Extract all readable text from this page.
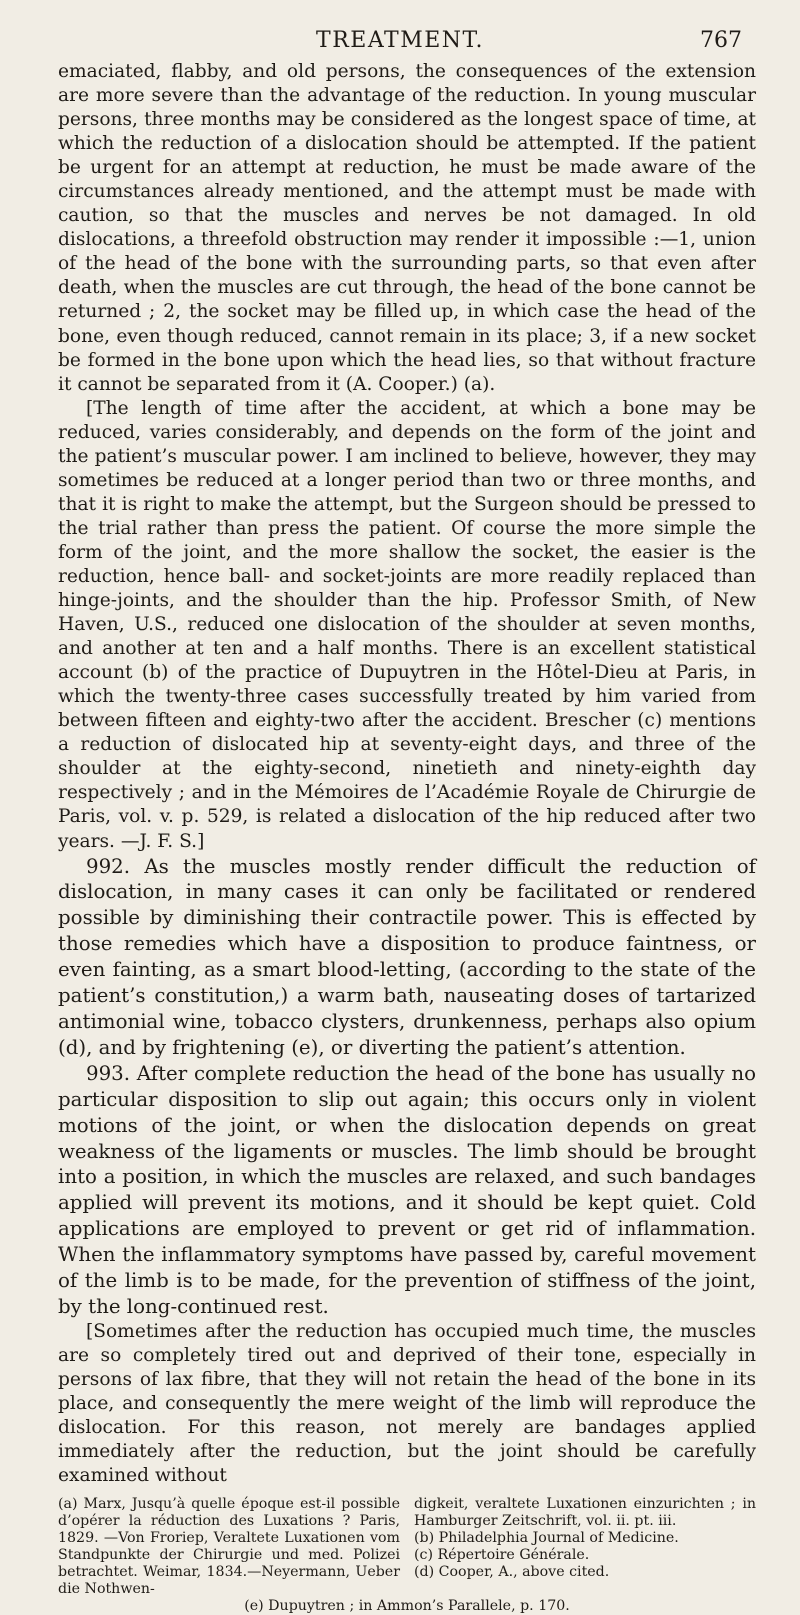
TREATMENT.	767

emaciated, flabby, and old persons, the consequences of the extension are more severe than the advantage of the reduction. In young muscular persons, three months may be considered as the longest space of time, at which the reduction of a dislocation should be attempted. If the patient be urgent for an attempt at reduction, he must be made aware of the circumstances already mentioned, and the attempt must be made with caution, so that the muscles and nerves be not damaged. In old dislocations, a threefold obstruction may render it impossible :—1, union of the head of the bone with the surrounding parts, so that even after death, when the muscles are cut through, the head of the bone cannot be returned ; 2, the socket may be filled up, in which case the head of the bone, even though reduced, cannot remain in its place; 3, if a new socket be formed in the bone upon which the head lies, so that without fracture it cannot be separated from it (A. Cooper.) (a).

[The length of time after the accident, at which a bone may be reduced, varies considerably, and depends on the form of the joint and the patient’s muscular power. I am inclined to believe, however, they may sometimes be reduced at a longer period than two or three months, and that it is right to make the attempt, but the Surgeon should be pressed to the trial rather than press the patient. Of course the more simple the form of the joint, and the more shallow the socket, the easier is the reduction, hence ball- and socket-joints are more readily replaced than hinge-joints, and the shoulder than the hip. Professor Smith, of New Haven, U.S., reduced one dislocation of the shoulder at seven months, and another at ten and a half months. There is an excellent statistical account (b) of the practice of Dupuytren in the Hôtel-Dieu at Paris, in which the twenty-three cases successfully treated by him varied from between fifteen and eighty-two after the accident. Brescher (c) mentions a reduction of dislocated hip at seventy-eight days, and three of the shoulder at the eighty-second, ninetieth and ninety-eighth day respectively ; and in the Mémoires de l’Académie Royale de Chirurgie de Paris, vol. v. p. 529, is related a dislocation of the hip reduced after two years. —J. F. S.]

992. As the muscles mostly render difficult the reduction of dislocation, in many cases it can only be facilitated or rendered possible by diminishing their contractile power. This is effected by those remedies which have a disposition to produce faintness, or even fainting, as a smart blood-letting, (according to the state of the patient’s constitution,) a warm bath, nauseating doses of tartarized antimonial wine, tobacco clysters, drunkenness, perhaps also opium (d), and by frightening (e), or diverting the patient’s attention.

993. After complete reduction the head of the bone has usually no particular disposition to slip out again; this occurs only in violent motions of the joint, or when the dislocation depends on great weakness of the ligaments or muscles. The limb should be brought into a position, in which the muscles are relaxed, and such bandages applied will prevent its motions, and it should be kept quiet. Cold applications are employed to prevent or get rid of inflammation. When the inflammatory symptoms have passed by, careful movement of the limb is to be made, for the prevention of stiffness of the joint, by the long-continued rest.

[Sometimes after the reduction has occupied much time, the muscles are so completely tired out and deprived of their tone, especially in persons of lax fibre, that they will not retain the head of the bone in its place, and consequently the mere weight of the limb will reproduce the dislocation. For this reason, not merely are bandages applied immediately after the reduction, but the joint should be carefully examined without

(a) Marx, Jusqu’à quelle époque est-il possible d’opérer la réduction des Luxations ? Paris, 1829. —Von Froriep, Veraltete Luxationen vom Standpunkte der Chirurgie und med. Polizei betrachtet. Weimar, 1834.—Neyermann, Ueber die Nothwen-

digkeit, veraltete Luxationen einzurichten ; in Hamburger Zeitschrift, vol. ii. pt. iii.

(b) Philadelphia Journal of Medicine.

(c) Répertoire Générale.

(d) Cooper, A., above cited.

(e) Dupuytren ; in Ammon’s Parallele, p. 170.
